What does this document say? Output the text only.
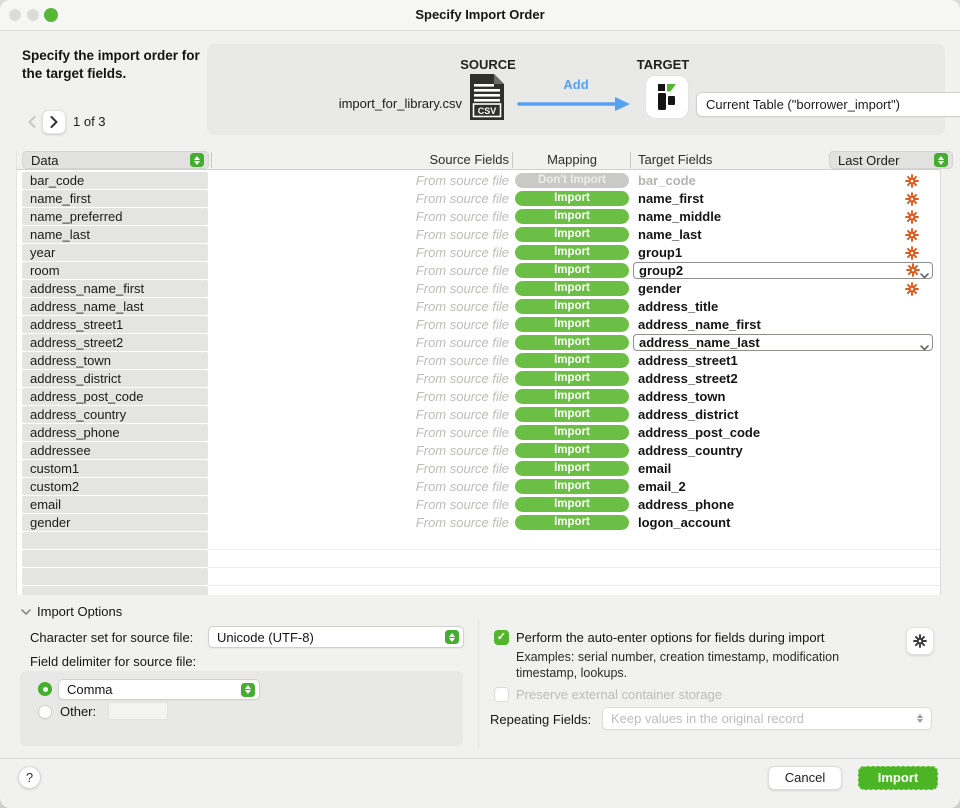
Specify Import Order
Specify the import order for the target fields.
1 of 3
SOURCE	TARGET
import_for_library.csv CSV
Add
Current Table ("borrower_import")
Data	Source Fields	Mapping	Target Fields	Last Order
bar_code	From source file	Don't Import	bar_code
name_first	From source file	Import	name_first
name_preferred	From source file	Import	name_middle
name_last	From source file	Import	name_last
year	From source file	Import	group1
room	From source file	Import	group2
address_name_first	From source file	Import	gender
address_name_last	From source file	Import	address_title
address_street1	From source file	Import	address_name_first
address_street2	From source file	Import	address_name_last
address_town	From source file	Import	address_street1
address_district	From source file	Import	address_street2
address_post_code	From source file	Import	address_town
address_country	From source file	Import	address_district
address_phone	From source file	Import	address_post_code
addressee	From source file	Import	address_country
custom1	From source file	Import	email
custom2	From source file	Import	email_2
email	From source file	Import	address_phone
gender	From source file	Import	logon_account
Import Options
Character set for source file:	Unicode (UTF-8)
Field delimiter for source file:
Comma
Other:
✓ Perform the auto-enter options for fields during import
Examples: serial number, creation timestamp, modification timestamp, lookups.
Preserve external container storage
Repeating Fields:	Keep values in the original record
?	Cancel	Import
